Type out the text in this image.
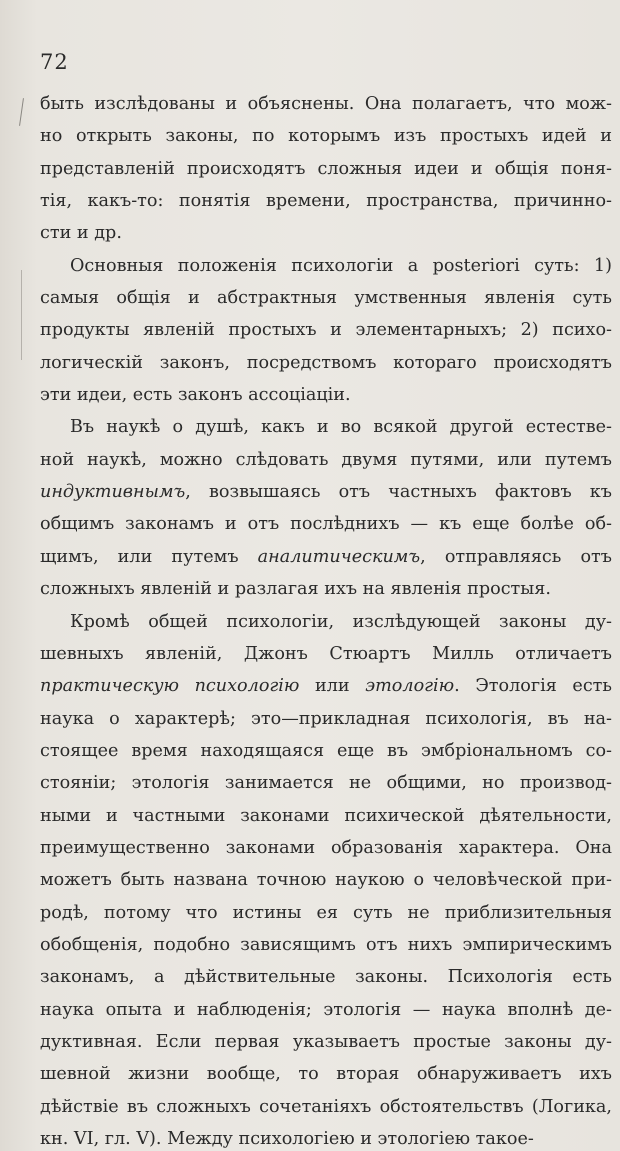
72
быть изслѣдованы и объяснены. Она полагаетъ, что мож-
но открыть законы, по которымъ изъ простыхъ идей и
представленій происходятъ сложныя идеи и общія поня-
тія, какъ-то: понятія времени, пространства, причинно-
сти и др.
Основныя положенія психологіи a posteriori суть: 1)
самыя общія и абстрактныя умственныя явленія суть
продукты явленій простыхъ и элементарныхъ; 2) психо-
логическій законъ, посредствомъ котораго происходятъ
эти идеи, есть законъ ассоціаціи.
Въ наукѣ о душѣ, какъ и во всякой другой естестве-
ной наукѣ, можно слѣдовать двумя путями, или путемъ
индуктивнымъ, возвышаясь отъ частныхъ фактовъ къ
общимъ законамъ и отъ послѣднихъ — къ еще болѣе об-
щимъ, или путемъ аналитическимъ, отправляясь отъ
сложныхъ явленій и разлагая ихъ на явленія простыя.
Кромѣ общей психологіи, изслѣдующей законы ду-
шевныхъ явленій, Джонъ Стюартъ Милль отличаетъ
практическую психологію или этологію. Этологія есть
наука о характерѣ; это—прикладная психологія, въ на-
стоящее время находящаяся еще въ эмбріональномъ со-
стояніи; этологія занимается не общими, но производ-
ными и частными законами психической дѣятельности,
преимущественно законами образованія характера. Она
можетъ быть названа точною наукою о человѣческой при-
родѣ, потому что истины ея суть не приблизительныя
обобщенія, подобно зависящимъ отъ нихъ эмпирическимъ
законамъ, а дѣйствительные законы. Психологія есть
наука опыта и наблюденія; этологія — наука вполнѣ де-
дуктивная. Если первая указываетъ простые законы ду-
шевной жизни вообще, то вторая обнаруживаетъ ихъ
дѣйствіе въ сложныхъ сочетаніяхъ обстоятельствъ (Логика,
кн. VI, гл. V). Между психологіею и этологіею такое-
